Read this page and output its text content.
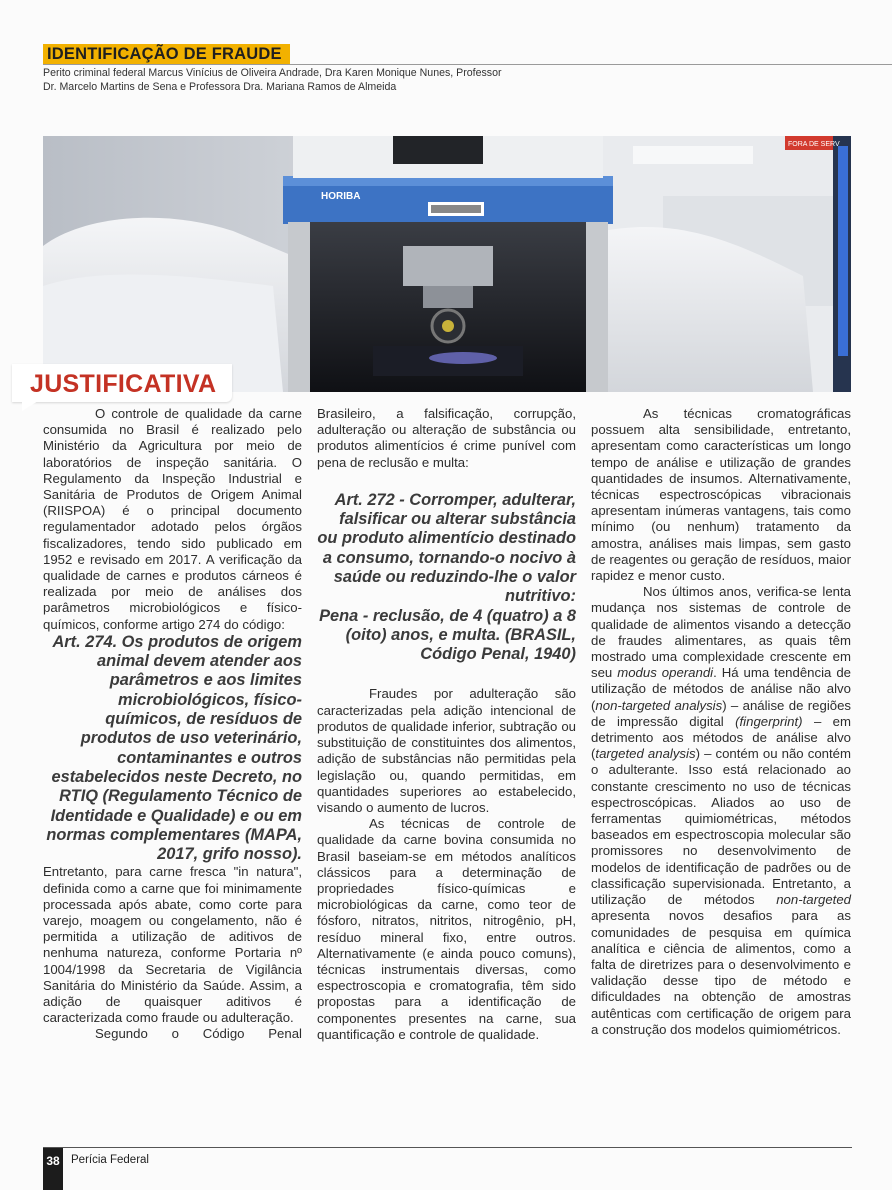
IDENTIFICAÇÃO DE FRAUDE
Perito criminal federal Marcus Vinícius de Oliveira Andrade, Dra Karen Monique Nunes, Professor
Dr. Marcelo Martins de Sena e Professora Dra. Mariana Ramos de Almeida
FORA DE SERV
HORIBA
JUSTIFICATIVA

O controle de qualidade da carne consumida no Brasil é realizado pelo Ministério da Agricultura por meio de laboratórios de inspeção sanitária. O Regulamento da Inspeção Industrial e Sanitária de Produtos de Origem Animal (RIISPOA) é o principal documento regulamentador adotado pelos órgãos fiscalizadores, tendo sido publicado em 1952 e revisado em 2017. A verificação da qualidade de carnes e produtos cárneos é realizada por meio de análises dos parâmetros microbiológicos e físico-químicos, conforme artigo 274 do código:

Art. 274. Os produtos de origem animal devem atender aos parâmetros e aos limites microbiológicos, físico-químicos, de resíduos de produtos de uso veterinário, contaminantes e outros estabelecidos neste Decreto, no RTIQ (Regulamento Técnico de Identidade e Qualidade) e ou em normas complementares (MAPA, 2017, grifo nosso).

Entretanto, para carne fresca "in natura", definida como a carne que foi minimamente processada após abate, como corte para varejo, moagem ou congelamento, não é permitida a utilização de aditivos de nenhuma natureza, conforme Portaria nº 1004/1998 da Secretaria de Vigilância Sanitária do Ministério da Saúde. Assim, a adição de quaisquer aditivos é caracterizada como fraude ou adulteração.

Segundo o Código Penal

Brasileiro, a falsificação, corrupção, adulteração ou alteração de substância ou produtos alimentícios é crime punível com pena de reclusão e multa:

Art. 272 - Corromper, adulterar, falsificar ou alterar substância ou produto alimentício destinado a consumo, tornando-o nocivo à saúde ou reduzindo-lhe o valor nutritivo:
Pena - reclusão, de 4 (quatro) a 8 (oito) anos, e multa. (BRASIL, Código Penal, 1940)

Fraudes por adulteração são caracterizadas pela adição intencional de produtos de qualidade inferior, subtração ou substituição de constituintes dos alimentos, adição de substâncias não permitidas pela legislação ou, quando permitidas, em quantidades superiores ao estabelecido, visando o aumento de lucros.

As técnicas de controle de qualidade da carne bovina consumida no Brasil baseiam-se em métodos analíticos clássicos para a determinação de propriedades físico-químicas e microbiológicas da carne, como teor de fósforo, nitratos, nitritos, nitrogênio, pH, resíduo mineral fixo, entre outros. Alternativamente (e ainda pouco comuns), técnicas instrumentais diversas, como espectroscopia e cromatografia, têm sido propostas para a identificação de componentes presentes na carne, sua quantificação e controle de qualidade.

As técnicas cromatográficas possuem alta sensibilidade, entretanto, apresentam como características um longo tempo de análise e utilização de grandes quantidades de insumos. Alternativamente, técnicas espectroscópicas vibracionais apresentam inúmeras vantagens, tais como mínimo (ou nenhum) tratamento da amostra, análises mais limpas, sem gasto de reagentes ou geração de resíduos, maior rapidez e menor custo.

Nos últimos anos, verifica-se lenta mudança nos sistemas de controle de qualidade de alimentos visando a detecção de fraudes alimentares, as quais têm mostrado uma complexidade crescente em seu modus operandi. Há uma tendência de utilização de métodos de análise não alvo (non-targeted analysis) – análise de regiões de impressão digital (fingerprint) – em detrimento aos métodos de análise alvo (targeted analysis) – contém ou não contém o adulterante. Isso está relacionado ao constante crescimento no uso de técnicas espectroscópicas. Aliados ao uso de ferramentas quimiométricas, métodos baseados em espectroscopia molecular são promissores no desenvolvimento de modelos de identificação de padrões ou de classificação supervisionada. Entretanto, a utilização de métodos non-targeted apresenta novos desafios para as comunidades de pesquisa em química analítica e ciência de alimentos, como a falta de diretrizes para o desenvolvimento e validação desse tipo de método e dificuldades na obtenção de amostras autênticas com certificação de origem para a construção dos modelos quimiométricos.

38 Perícia Federal
